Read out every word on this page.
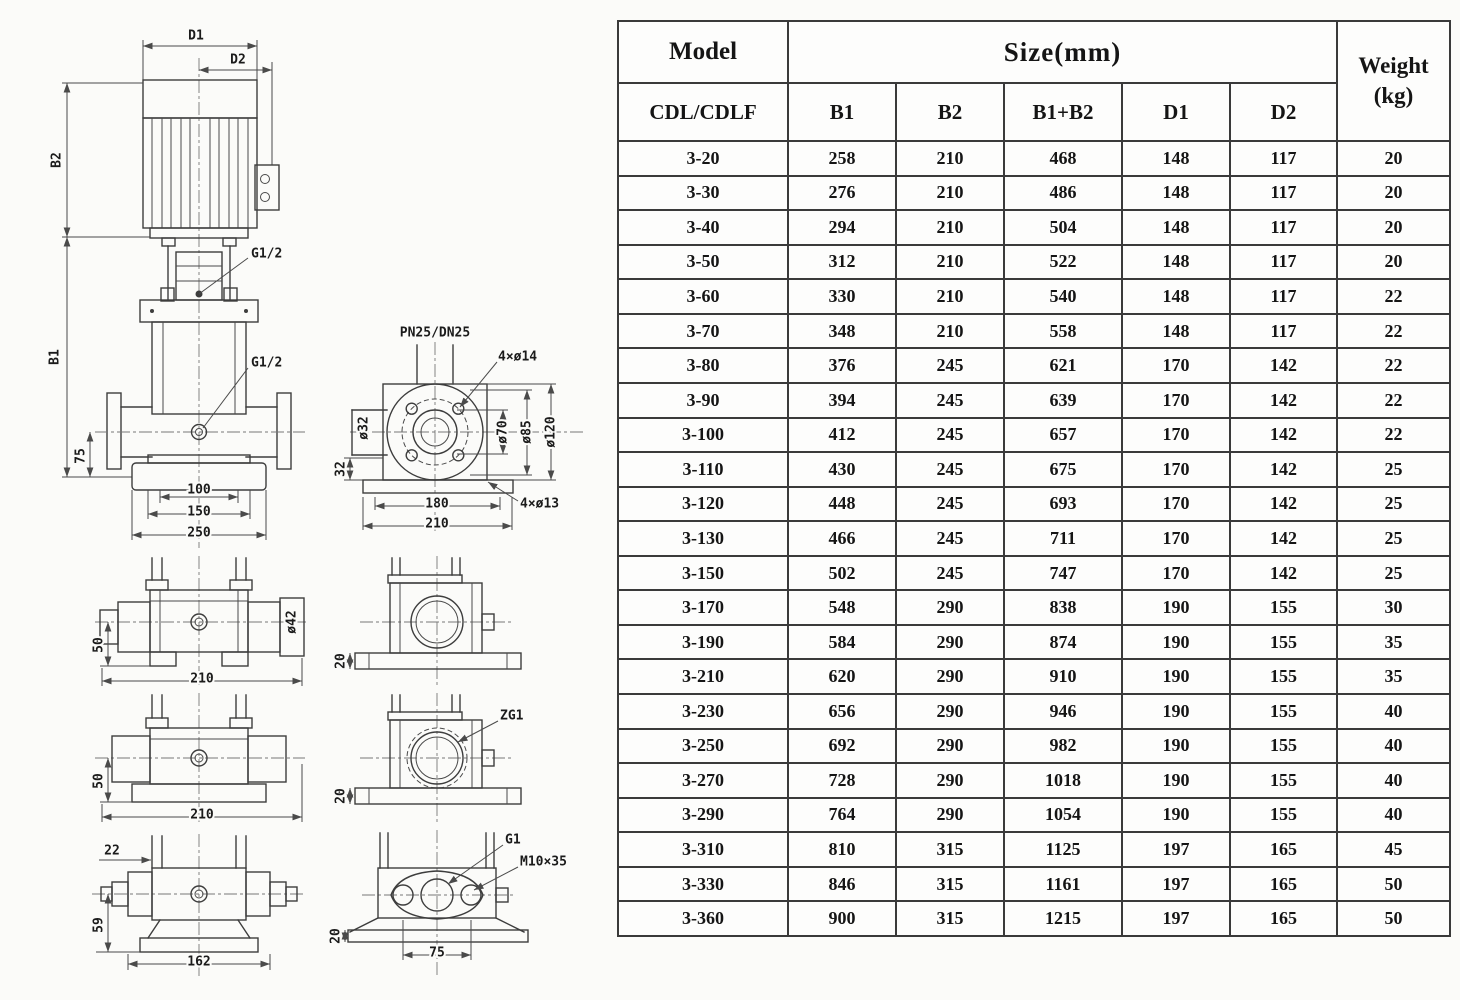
D1
D2
B2
B1
G1/2
G1/2
75
100
150
250
PN25/DN25
4×ø14
ø32	ø70 ø85 ø120
32
180
210
4×ø13
ø42
50
210
20
50
210
ZG1
20
22
59
162
G1
M10×35
20
75
Model	Size(mm)					Weight
(kg)

CDL/CDLF	B1	B2	B1+B2	D1	D2	
3-20	258	210	468	148	117	20
3-30	276	210	486	148	117	20
3-40	294	210	504	148	117	20
3-50	312	210	522	148	117	20
3-60	330	210	540	148	117	22
3-70	348	210	558	148	117	22
3-80	376	245	621	170	142	22
3-90	394	245	639	170	142	22
3-100	412	245	657	170	142	22
3-110	430	245	675	170	142	25
3-120	448	245	693	170	142	25
3-130	466	245	711	170	142	25
3-150	502	245	747	170	142	25
3-170	548	290	838	190	155	30
3-190	584	290	874	190	155	35
3-210	620	290	910	190	155	35
3-230	656	290	946	190	155	40
3-250	692	290	982	190	155	40
3-270	728	290	1018	190	155	40
3-290	764	290	1054	190	155	40
3-310	810	315	1125	197	165	45
3-330	846	315	1161	197	165	50
3-360	900	315	1215	197	165	50
